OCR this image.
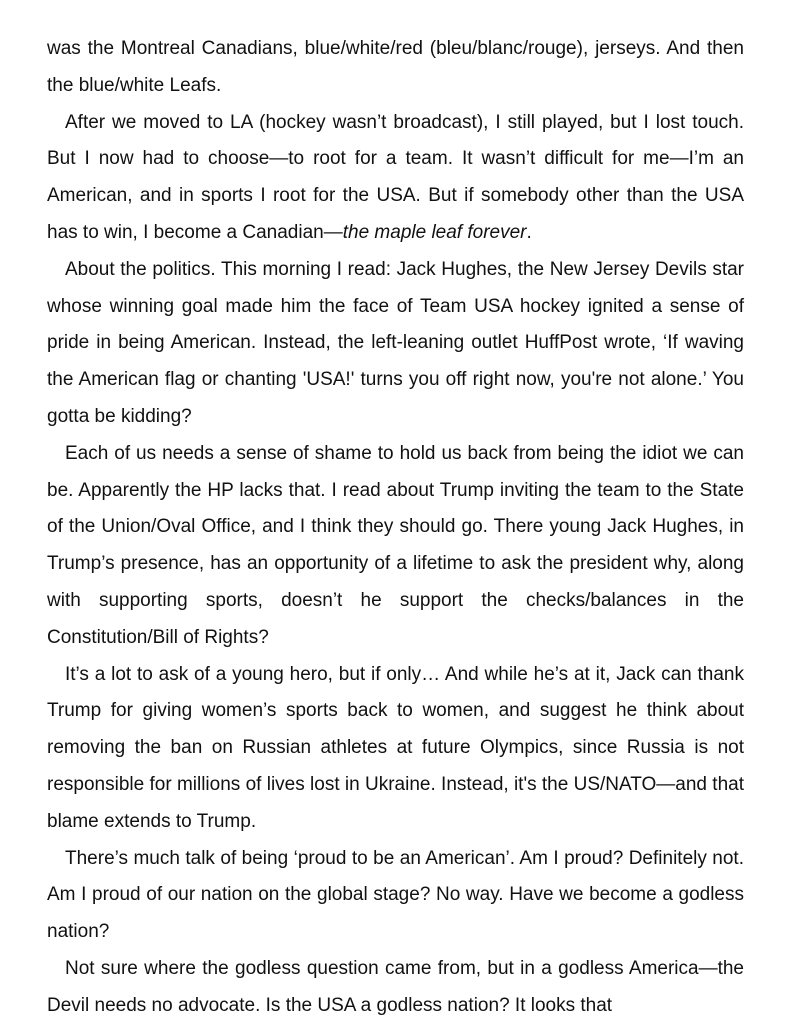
was the Montreal Canadians, blue/white/red (bleu/blanc/rouge), jerseys. And then the blue/white Leafs.

After we moved to LA (hockey wasn’t broadcast), I still played, but I lost touch. But I now had to choose—to root for a team. It wasn’t difficult for me—I’m an American, and in sports I root for the USA. But if somebody other than the USA has to win, I become a Canadian—the maple leaf forever.

About the politics. This morning I read: Jack Hughes, the New Jersey Devils star whose winning goal made him the face of Team USA hockey ignited a sense of pride in being American. Instead, the left-leaning outlet HuffPost wrote, ‘If waving the American flag or chanting 'USA!' turns you off right now, you're not alone.’ You gotta be kidding?

Each of us needs a sense of shame to hold us back from being the idiot we can be. Apparently the HP lacks that. I read about Trump inviting the team to the State of the Union/Oval Office, and I think they should go. There young Jack Hughes, in Trump’s presence, has an opportunity of a lifetime to ask the president why, along with supporting sports, doesn’t he support the checks/balances in the Constitution/Bill of Rights?

It’s a lot to ask of a young hero, but if only… And while he’s at it, Jack can thank Trump for giving women’s sports back to women, and suggest he think about removing the ban on Russian athletes at future Olympics, since Russia is not responsible for millions of lives lost in Ukraine. Instead, it's the US/NATO—and that blame extends to Trump.

There’s much talk of being ‘proud to be an American’. Am I proud? Definitely not. Am I proud of our nation on the global stage? No way. Have we become a godless nation?

Not sure where the godless question came from, but in a godless America—the Devil needs no advocate. Is the USA a godless nation? It looks that
